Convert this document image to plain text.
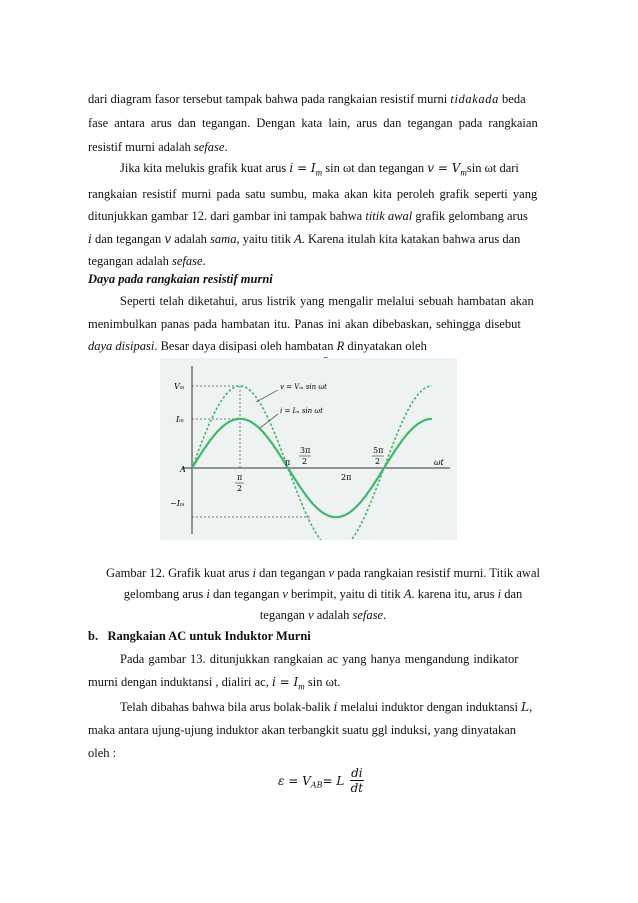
dari diagram fasor tersebut tampak bahwa pada rangkaian resistif murni tidakada beda
fase antara arus dan tegangan. Dengan kata lain, arus dan tegangan pada rangkaian
resistif murni adalah sefase.
Jika kita melukis grafik kuat arus $i = I_m$ sin ωt dan tegangan $v = V_m\sin$ ωt dari
rangkaian resistif murni pada satu sumbu, maka akan kita peroleh grafik seperti yang
ditunjukkan gambar 12. dari gambar ini tampak bahwa titik awal grafik gelombang arus
i dan tegangan v adalah sama, yaitu titik A. Karena itulah kita katakan bahwa arus dan
tegangan adalah sefase.
Daya pada rangkaian resistif murni
Seperti telah diketahui, arus listrik yang mengalir melalui sebuah hambatan akan
menimbulkan panas pada hambatan itu. Panas ini akan dibebaskan, sehingga disebut
daya disipasi. Besar daya disipasi oleh hambatan R dinyatakan oleh
Vₘ
Iₘ
−Iₘ
A
ωt
π
2
π
3π
2
2π
5π
2
v = Vₘ sin ωt
i = Iₘ sin ωt
Gambar 12. Grafik kuat arus i dan tegangan v pada rangkaian resistif murni. Titik awal
gelombang arus i dan tegangan v berimpit, yaitu di titik A. karena itu, arus i dan
tegangan v adalah sefase.
b.   Rangkaian AC untuk Induktor Murni
Pada gambar 13. ditunjukkan rangkaian ac yang hanya mengandung indikator
murni dengan induktansi , dialiri ac, $i = I_m$ sin ωt.
Telah dibahas bahwa bila arus bolak-balik i melalui induktor dengan induktansi L,
maka antara ujung-ujung induktor akan terbangkit suatu ggl induksi, yang dinyatakan
oleh :
$\varepsilon = V_{AB}= L \frac{di}{dt}$
